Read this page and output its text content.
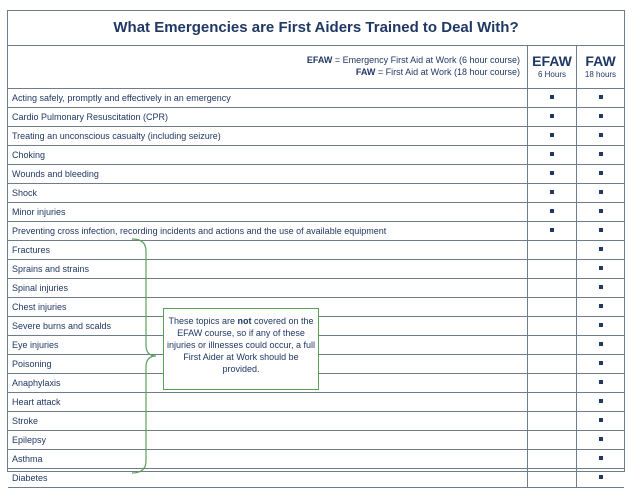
What Emergencies are First Aiders Trained to Deal With?
EFAW = Emergency First Aid at Work (6 hour course)
FAW = First Aid at Work (18 hour course)
EFAW
6 Hours
FAW
18 hours
Acting safely, promptly and effectively in an emergency
Cardio Pulmonary Resuscitation (CPR)
Treating an unconscious casualty (including seizure)
Choking
Wounds and bleeding
Shock
Minor injuries
Preventing cross infection, recording incidents and actions and the use of available equipment
Fractures
Sprains and strains
Spinal injuries
Chest injuries
Severe burns and scalds
Eye injuries
Poisoning
Anaphylaxis
Heart attack
Stroke
Epilepsy
Asthma
Diabetes
These topics are not covered on the EFAW course, so if any of these injuries or illnesses could occur, a full First Aider at Work should be provided.
